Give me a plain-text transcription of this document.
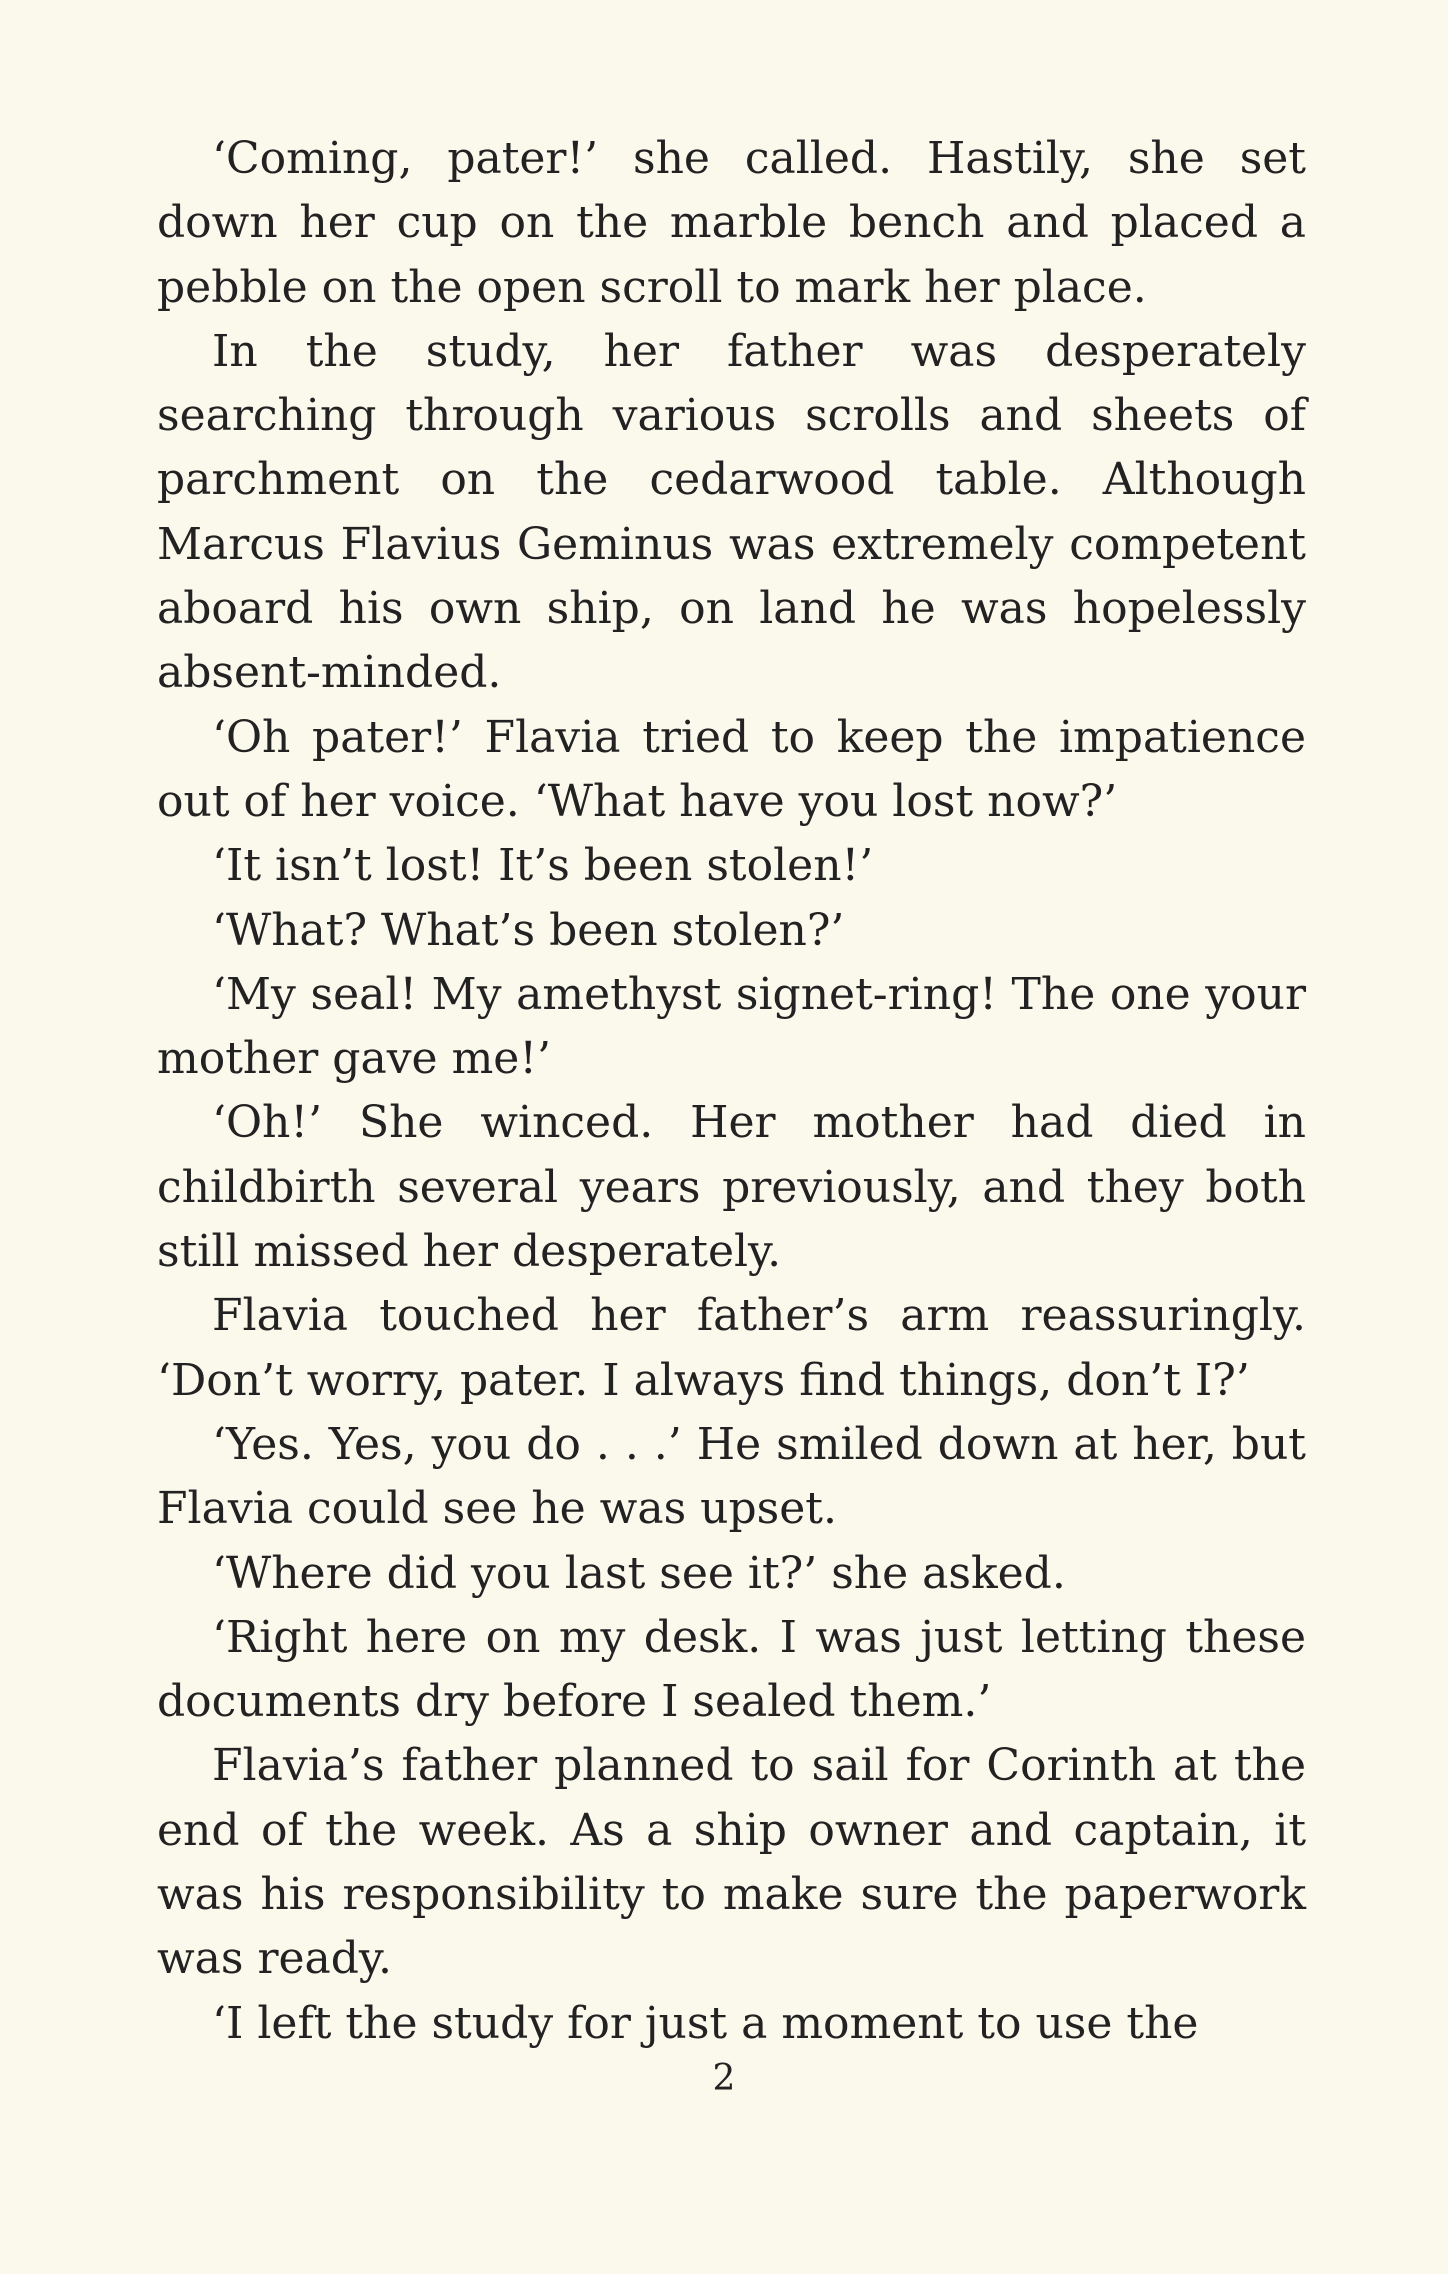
‘Coming, pater!’ she called. Hastily, she set down her cup on the marble bench and placed a pebble on the open scroll to mark her place.

In the study, her father was desperately searching through various scrolls and sheets of parchment on the cedarwood table. Although Marcus Flavius Geminus was extremely competent aboard his own ship, on land he was hopelessly absent-minded.

‘Oh pater!’ Flavia tried to keep the impatience out of her voice. ‘What have you lost now?’

‘It isn’t lost! It’s been stolen!’

‘What? What’s been stolen?’

‘My seal! My amethyst signet-ring! The one your mother gave me!’

‘Oh!’ She winced. Her mother had died in childbirth several years previously, and they both still missed her desperately.

Flavia touched her father’s arm reassuringly. ‘Don’t worry, pater. I always find things, don’t I?’

‘Yes. Yes, you do . . .’ He smiled down at her, but Flavia could see he was upset.

‘Where did you last see it?’ she asked.

‘Right here on my desk. I was just letting these documents dry before I sealed them.’

Flavia’s father planned to sail for Corinth at the end of the week. As a ship owner and captain, it was his responsibility to make sure the paperwork was ready.

‘I left the study for just a moment to use the

2
